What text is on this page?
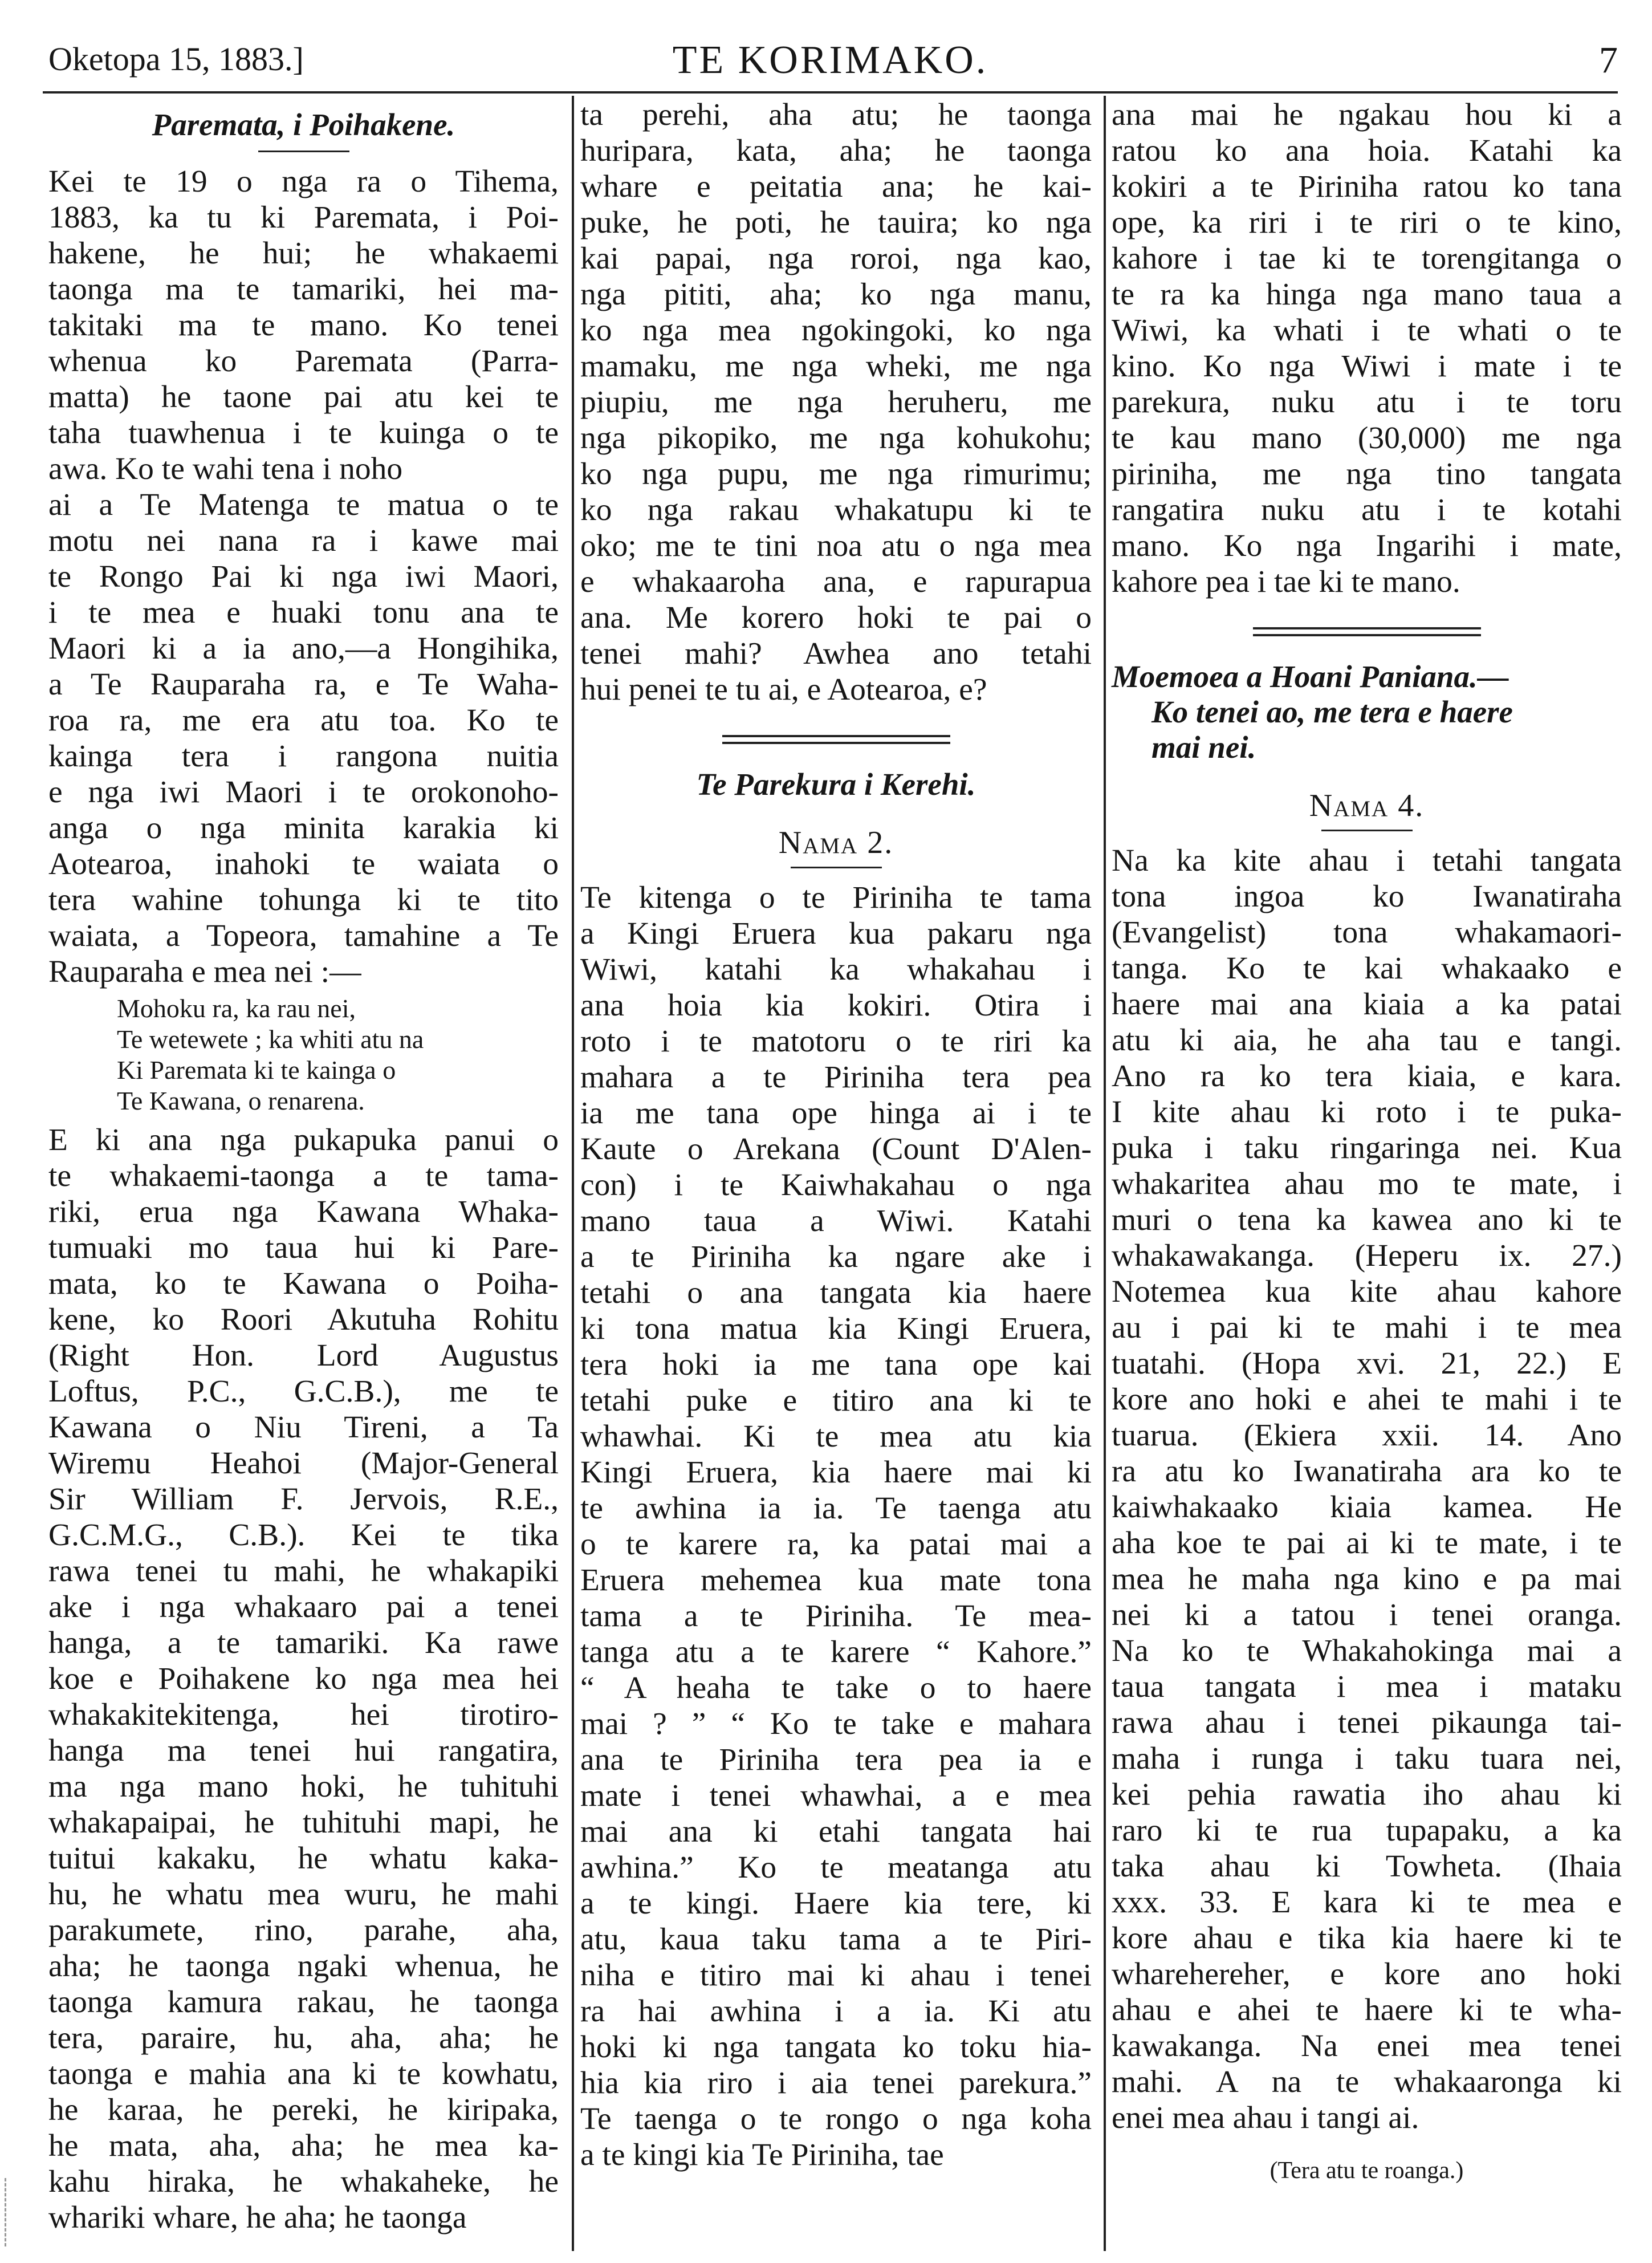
Oketopa 15, 1883.]	TE KORIMAKO.	7
Paremata, i Poihakene.
Kei te 19 o nga ra o Tihema,
1883, ka tu ki Paremata, i Poi-
hakene, he hui; he whakaemi
taonga ma te tamariki, hei ma-
takitaki ma te mano. Ko tenei
whenua ko Paremata (Parra-
matta) he taone pai atu kei te
taha tuawhenua i te kuinga o te
awa. Ko te wahi tena i noho
ai a Te Matenga te matua o te
motu nei nana ra i kawe mai
te Rongo Pai ki nga iwi Maori,
i te mea e huaki tonu ana te
Maori ki a ia ano,—a Hongihika,
a Te Rauparaha ra, e Te Waha-
roa ra, me era atu toa. Ko te
kainga tera i rangona nuitia
e nga iwi Maori i te orokonoho-
anga o nga minita karakia ki
Aotearoa, inahoki te waiata o
tera wahine tohunga ki te tito
waiata, a Topeora, tamahine a Te
Rauparaha e mea nei :—
Mohoku ra, ka rau nei,
Te wetewete ; ka whiti atu na
Ki Paremata ki te kainga o
Te Kawana, o renarena.
E ki ana nga pukapuka panui o
te whakaemi-taonga a te tama-
riki, erua nga Kawana Whaka-
tumuaki mo taua hui ki Pare-
mata, ko te Kawana o Poiha-
kene, ko Roori Akutuha Rohitu
(Right Hon. Lord Augustus
Loftus, P.C., G.C.B.), me te
Kawana o Niu Tireni, a Ta
Wiremu Heahoi (Major-General
Sir William F. Jervois, R.E.,
G.C.M.G., C.B.). Kei te tika
rawa tenei tu mahi, he whakapiki
ake i nga whakaaro pai a tenei
hanga, a te tamariki. Ka rawe
koe e Poihakene ko nga mea hei
whakakitekitenga, hei tirotiro-
hanga ma tenei hui rangatira,
ma nga mano hoki, he tuhituhi
whakapaipai, he tuhituhi mapi, he
tuitui kakaku, he whatu kaka-
hu, he whatu mea wuru, he mahi
parakumete, rino, parahe, aha,
aha; he taonga ngaki whenua, he
taonga kamura rakau, he taonga
tera, paraire, hu, aha, aha; he
taonga e mahia ana ki te kowhatu,
he karaa, he pereki, he kiripaka,
he mata, aha, aha; he mea ka-
kahu hiraka, he whakaheke, he
whariki whare, he aha; he taonga
ta perehi, aha atu; he taonga
huripara, kata, aha; he taonga
whare e peitatia ana; he kai-
puke, he poti, he tauira; ko nga
kai papai, nga roroi, nga kao,
nga pititi, aha; ko nga manu,
ko nga mea ngokingoki, ko nga
mamaku, me nga wheki, me nga
piupiu, me nga heruheru, me
nga pikopiko, me nga kohukohu;
ko nga pupu, me nga rimurimu;
ko nga rakau whakatupu ki te
oko; me te tini noa atu o nga mea
e whakaaroha ana, e rapurapua
ana. Me korero hoki te pai o
tenei mahi? Awhea ano tetahi
hui penei te tu ai, e Aotearoa, e?
Te Parekura i Kerehi.
Nama 2.
Te kitenga o te Piriniha te tama
a Kingi Eruera kua pakaru nga
Wiwi, katahi ka whakahau i
ana hoia kia kokiri. Otira i
roto i te matotoru o te riri ka
mahara a te Piriniha tera pea
ia me tana ope hinga ai i te
Kaute o Arekana (Count D'Alen-
con) i te Kaiwhakahau o nga
mano taua a Wiwi. Katahi
a te Piriniha ka ngare ake i
tetahi o ana tangata kia haere
ki tona matua kia Kingi Eruera,
tera hoki ia me tana ope kai
tetahi puke e titiro ana ki te
whawhai. Ki te mea atu kia
Kingi Eruera, kia haere mai ki
te awhina ia ia. Te taenga atu
o te karere ra, ka patai mai a
Eruera mehemea kua mate tona
tama a te Piriniha. Te mea-
tanga atu a te karere “ Kahore.”
“ A heaha te take o to haere
mai ? ” “ Ko te take e mahara
ana te Piriniha tera pea ia e
mate i tenei whawhai, a e mea
mai ana ki etahi tangata hai
awhina.” Ko te meatanga atu
a te kingi. Haere kia tere, ki
atu, kaua taku tama a te Piri-
niha e titiro mai ki ahau i tenei
ra hai awhina i a ia. Ki atu
hoki ki nga tangata ko toku hia-
hia kia riro i aia tenei parekura.”
Te taenga o te rongo o nga koha
a te kingi kia Te Piriniha, tae
ana mai he ngakau hou ki a
ratou ko ana hoia. Katahi ka
kokiri a te Piriniha ratou ko tana
ope, ka riri i te riri o te kino,
kahore i tae ki te torengitanga o
te ra ka hinga nga mano taua a
Wiwi, ka whati i te whati o te
kino. Ko nga Wiwi i mate i te
parekura, nuku atu i te toru
te kau mano (30,000) me nga
piriniha, me nga tino tangata
rangatira nuku atu i te kotahi
mano. Ko nga Ingarihi i mate,
kahore pea i tae ki te mano.
Moemoea a Hoani Paniana.—
Ko tenei ao, me tera e haere
mai nei.
Nama 4.
Na ka kite ahau i tetahi tangata
tona ingoa ko Iwanatiraha
(Evangelist) tona whakamaori-
tanga. Ko te kai whakaako e
haere mai ana kiaia a ka patai
atu ki aia, he aha tau e tangi.
Ano ra ko tera kiaia, e kara.
I kite ahau ki roto i te puka-
puka i taku ringaringa nei. Kua
whakaritea ahau mo te mate, i
muri o tena ka kawea ano ki te
whakawakanga. (Heperu ix. 27.)
Notemea kua kite ahau kahore
au i pai ki te mahi i te mea
tuatahi. (Hopa xvi. 21, 22.) E
kore ano hoki e ahei te mahi i te
tuarua. (Ekiera xxii. 14. Ano
ra atu ko Iwanatiraha ara ko te
kaiwhakaako kiaia kamea. He
aha koe te pai ai ki te mate, i te
mea he maha nga kino e pa mai
nei ki a tatou i tenei oranga.
Na ko te Whakahokinga mai a
taua tangata i mea i mataku
rawa ahau i tenei pikaunga tai-
maha i runga i taku tuara nei,
kei pehia rawatia iho ahau ki
raro ki te rua tupapaku, a ka
taka ahau ki Towheta. (Ihaia
xxx. 33. E kara ki te mea e
kore ahau e tika kia haere ki te
wharehereher, e kore ano hoki
ahau e ahei te haere ki te wha-
kawakanga. Na enei mea tenei
mahi. A na te whakaaronga ki
enei mea ahau i tangi ai.
(Tera atu te roanga.)
